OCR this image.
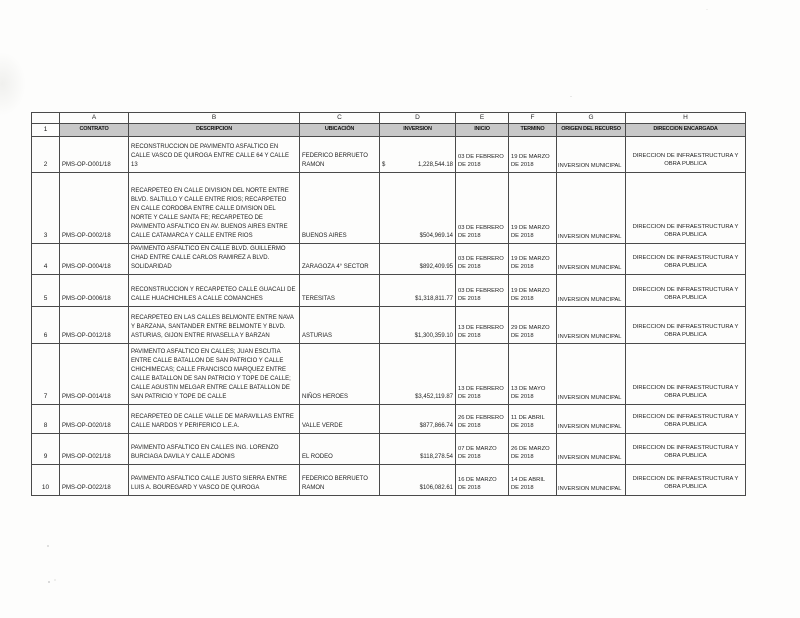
	A	B	C	D	E	F	G	H
1	CONTRATO	DESCRIPCION	UBICACIÓN	INVERSION	INICIO	TERMINO	ORIGEN DEL RECURSO	DIRECCION ENCARGADA
2	PMS-OP-O001/18	RECONSTRUCCION DE PAVIMENTO ASFALTICO EN CALLE VASCO DE QUIROGA ENTRE CALLE 64 Y CALLE 13	FEDERICO BERRUETO RAMON	$ 1,228,544.18	03 DE FEBRERO DE 2018	19 DE MARZO DE 2018	INVERSION MUNICIPAL	DIRECCION DE INFRAESTRUCTURA Y OBRA PUBLICA
3	PMS-OP-O002/18	RECARPETEO EN CALLE DIVISION DEL NORTE ENTRE BLVD. SALTILLO Y CALLE ENTRE RIOS; RECARPETEO EN CALLE CORDOBA ENTRE CALLE DIVISION DEL NORTE Y CALLE SANTA FE; RECARPETEO DE PAVIMENTO ASFALTICO EN AV. BUENOS AIRES ENTRE CALLE CATAMARCA Y CALLE ENTRE RIOS	BUENOS AIRES	$504,969.14	03 DE FEBRERO DE 2018	19 DE MARZO DE 2018	INVERSION MUNICIPAL	DIRECCION DE INFRAESTRUCTURA Y OBRA PUBLICA
4	PMS-OP-O004/18	PAVIMENTO ASFALTICO EN CALLE BLVD. GUILLERMO CHAD ENTRE CALLE CARLOS RAMIREZ A BLVD. SOLIDARIDAD	ZARAGOZA 4° SECTOR	$892,409.95	03 DE FEBRERO DE 2018	19 DE MARZO DE 2018	INVERSION MUNICIPAL	DIRECCION DE INFRAESTRUCTURA Y OBRA PUBLICA
5	PMS-OP-O006/18	RECONSTRUCCION Y RECARPETEO CALLE GUACALI DE CALLE HUACHICHILES A CALLE COMANCHES	TERESITAS	$1,318,811.77	03 DE FEBRERO DE 2018	19 DE MARZO DE 2018	INVERSION MUNICIPAL	DIRECCION DE INFRAESTRUCTURA Y OBRA PUBLICA
6	PMS-OP-O012/18	RECARPETEO EN LAS CALLES BELMONTE ENTRE NAVA Y BARZANA, SANTANDER ENTRE BELMONTE Y BLVD. ASTURIAS, GIJON ENTRE RIVASELLA Y BARZAN	ASTURIAS	$1,300,359.10	13 DE FEBRERO DE 2018	29 DE MARZO DE 2018	INVERSION MUNICIPAL	DIRECCION DE INFRAESTRUCTURA Y OBRA PUBLICA
7	PMS-OP-O014/18	PAVIMENTO ASFALTICO EN CALLES; JUAN ESCUTIA ENTRE CALLE BATALLON DE SAN PATRICIO Y CALLE CHICHIMECAS; CALLE FRANCISCO MARQUEZ ENTRE CALLE BATALLON DE SAN PATRICIO Y TOPE DE CALLE; CALLE AGUSTIN MELGAR ENTRE CALLE BATALLON DE SAN PATRICIO Y TOPE DE CALLE	NIÑOS HEROES	$3,452,119.87	13 DE FEBRERO DE 2018	13 DE MAYO DE 2018	INVERSION MUNICIPAL	DIRECCION DE INFRAESTRUCTURA Y OBRA PUBLICA
8	PMS-OP-O020/18	RECARPETEO DE CALLE VALLE DE MARAVILLAS ENTRE CALLE NARDOS Y PERIFERICO L.E.A.	VALLE VERDE	$877,866.74	26 DE FEBRERO DE 2018	11 DE ABRIL DE 2018	INVERSION MUNICIPAL	DIRECCION DE INFRAESTRUCTURA Y OBRA PUBLICA
9	PMS-OP-O021/18	PAVIMENTO ASFALTICO EN CALLES ING. LORENZO BURCIAGA DAVILA Y CALLE ADONIS	EL RODEO	$118,278.54	07 DE MARZO DE 2018	26 DE MARZO DE 2018	INVERSION MUNICIPAL	DIRECCION DE INFRAESTRUCTURA Y OBRA PUBLICA
10	PMS-OP-O022/18	PAVIMENTO ASFALTICO CALLE JUSTO SIERRA ENTRE LUIS A. BOUREGARD Y VASCO DE QUIROGA	FEDERICO BERRUETO RAMON	$106,082.61	16 DE MARZO DE 2018	14 DE ABRIL DE 2018	INVERSION MUNICIPAL	DIRECCION DE INFRAESTRUCTURA Y OBRA PUBLICA
